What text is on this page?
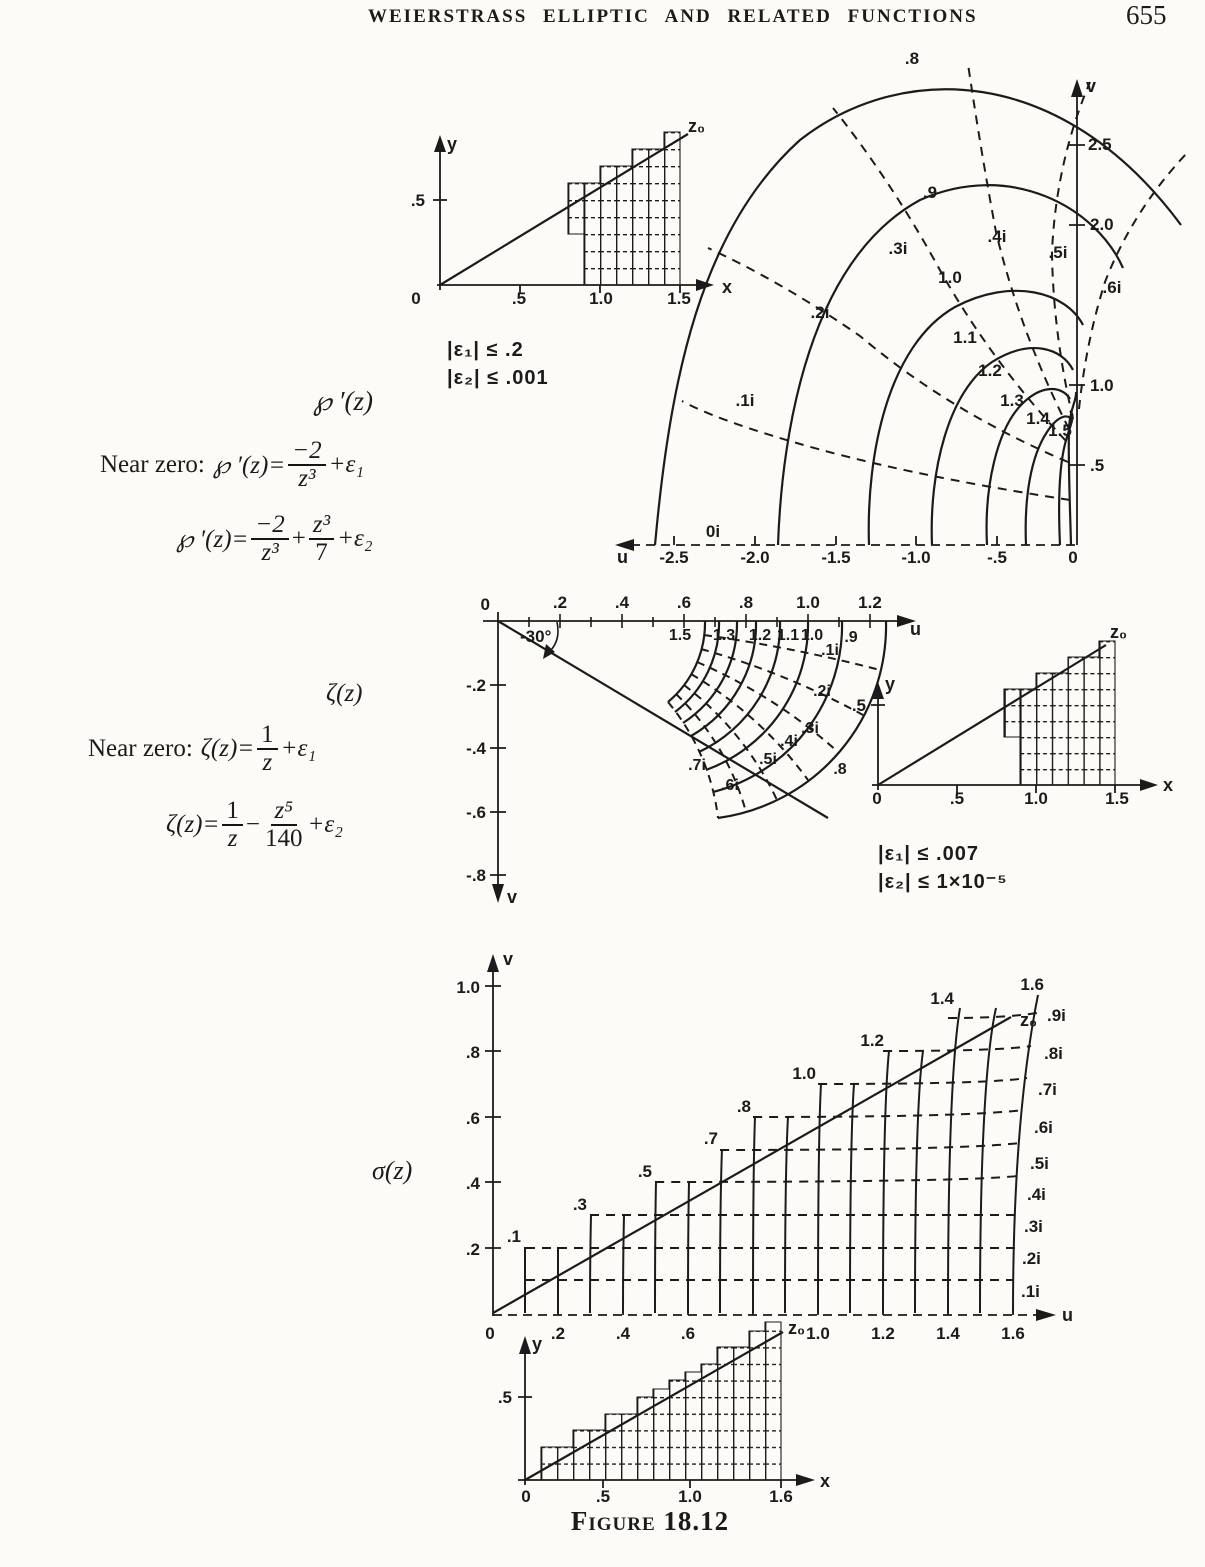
WEIERSTRASS ELLIPTIC AND RELATED FUNCTIONS	655
℘ ′(z)
Near zero: ℘ $'(z)= \frac{-2}{\text{z³}} +\varepsilon_1$
℘ $'(z)= \frac{-2}{\text{z³}} + \frac{\text{z³}}{7} +\varepsilon_2$
ζ(z)
Near zero: $\zeta(z)= \frac{1}{z} +\varepsilon_1$
$\zeta(z)= \frac{1}{z} - \frac{\text{z⁵}}{140} +\varepsilon_2$
σ(z)
|ε₁| ≤ .2
|ε₂| ≤ .001
|ε₁| ≤ .007
|ε₂| ≤ 1×10⁻⁵
Figure 18.12
0	.5	1.0	1.5
.5
x
y
z₀
u
v
-2.5	-2.0	-1.5	-1.0	-.5	0
2.5
2.0
1.0
.5
.8
.9
1.0
1.1
1.2
1.3
1.4
1.5
0i
.1i
.2i
.3i
.4i
.5i
.6i
0
-30°	u
v
.2	.4	.6	.8	1.0 1.2
-.2
-.4
-.6
-.8
1.5 1.3 1.2 1.1 1.0 .9
.8
.1i
.2i
.3i
.4i
.5i
.6i
.7i
0	.5	1.0	1.5
.5
x
y
z₀
u
v
z₀
0	.2	.4	.6	1.0 1.2 1.4 1.6
1.0
.8
.6
.4
.2
.1
.3
.5
.7
.8
1.0
1.2
1.4
1.6
.1i
.2i
.3i
.4i
.5i
.6i
.7i
.8i
.9i
0	.5	1.0	1.6
.5
x
y
z₀
